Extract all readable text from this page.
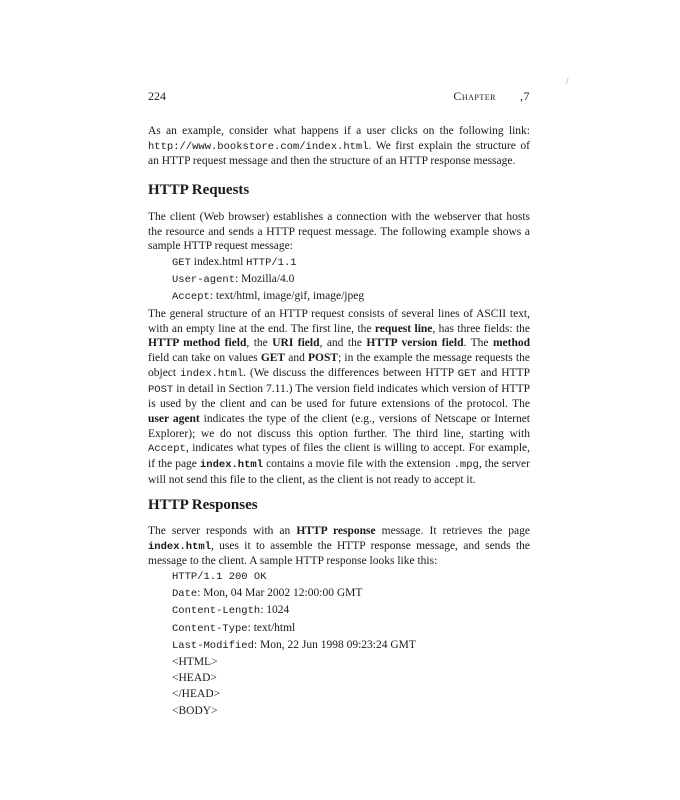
224	Chapter ,7
/

As an example, consider what happens if a user clicks on the following link: http://www.bookstore.com/index.html. We first explain the structure of an HTTP request message and then the structure of an HTTP response message.

HTTP Requests

The client (Web browser) establishes a connection with the webserver that hosts the resource and sends a HTTP request message. The following example shows a sample HTTP request message:

GET index.html HTTP/1.1
User-agent: Mozilla/4.0
Accept: text/html, image/gif, image/jpeg

The general structure of an HTTP request consists of several lines of ASCII text, with an empty line at the end. The first line, the request line, has three fields: the HTTP method field, the URI field, and the HTTP version field. The method field can take on values GET and POST; in the example the message requests the object index.html. (We discuss the differences between HTTP GET and HTTP POST in detail in Section 7.11.) The version field indicates which version of HTTP is used by the client and can be used for future extensions of the protocol. The user agent indicates the type of the client (e.g., versions of Netscape or Internet Explorer); we do not discuss this option further. The third line, starting with Accept, indicates what types of files the client is willing to accept. For example, if the page index.html contains a movie file with the extension .mpg, the server will not send this file to the client, as the client is not ready to accept it.

HTTP Responses

The server responds with an HTTP response message. It retrieves the page index.html, uses it to assemble the HTTP response message, and sends the message to the client. A sample HTTP response looks like this:

HTTP/1.1 200 OK
Date: Mon, 04 Mar 2002 12:00:00 GMT
Content-Length: 1024
Content-Type: text/html
Last-Modified: Mon, 22 Jun 1998 09:23:24 GMT
<HTML>
<HEAD>
</HEAD>
<BODY>
